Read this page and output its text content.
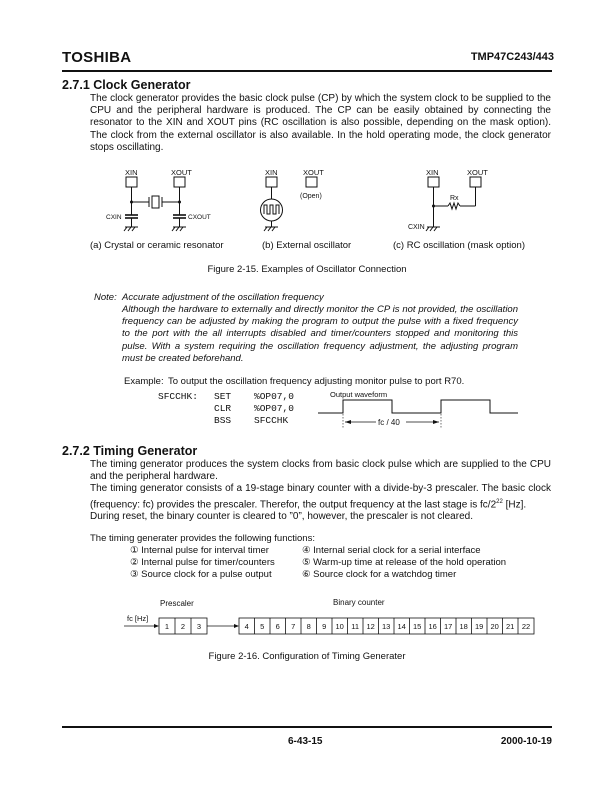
TOSHIBA	TMP47C243/443
2.7.1 Clock Generator
The clock generator provides the basic clock pulse (CP) by which the system clock to be supplied to the CPU and the peripheral hardware is produced. The CP can be easily obtained by connecting the resonator to the XIN and XOUT pins (RC oscillation is also possible, depending on the mask option). The clock from the external oscillator is also available. In the hold operating mode, the clock generator stops oscillating.
XIN	XOUT
CXIN	CXOUT
XIN	XOUT
(Open)
XIN	XOUT
Rx
CXIN
(a) Crystal or ceramic resonator	(b) External oscillator	(c) RC oscillation (mask option)
Figure 2-15. Examples of Oscillator Connection
Note: Accurate adjustment of the oscillation frequency
Although the hardware to externally and directly monitor the CP is not provided, the oscillation frequency can be adjusted by making the program to output the pulse with a fixed frequency to the port with the all interrupts disabled and timer/counters stopped and monitoring this pulse. With a system requiring the oscillation frequency adjustment, the adjusting program must be created beforehand.
Example: To output the oscillation frequency adjusting monitor pulse to port R70.
SFCCHK:	SET	%OP07,0
CLR	%OP07,0
BSS	SFCCHK
Output waveform
fc / 40
2.7.2 Timing Generator

The timing generator produces the system clocks from basic clock pulse which are supplied to the CPU and the peripheral hardware.

The timing generator consists of a 19-stage binary counter with a divide-by-3 prescaler. The basic clock (frequency: fc) provides the prescaler. Therefor, the output frequency at the last stage is $fc/2^{22}$ [Hz].

During reset, the binary counter is cleared to ”0”, however, the prescaler is not cleared.

The timing generater provides the following functions:
① Internal pulse for interval timer
② Internal pulse for timer/counters
③ Source clock for a pulse output
④ Internal serial clock for a serial interface
⑤ Warm-up time at release of the hold operation
⑥ Source clock for a watchdog timer
Prescaler	Binary counter
fc [Hz]
1 2 3	4 5 6 7 8 9 10 11 12 13 14 15 16 17 18 19 20 21 22
Figure 2-16. Configuration of Timing Generater
6-43-15	2000-10-19
